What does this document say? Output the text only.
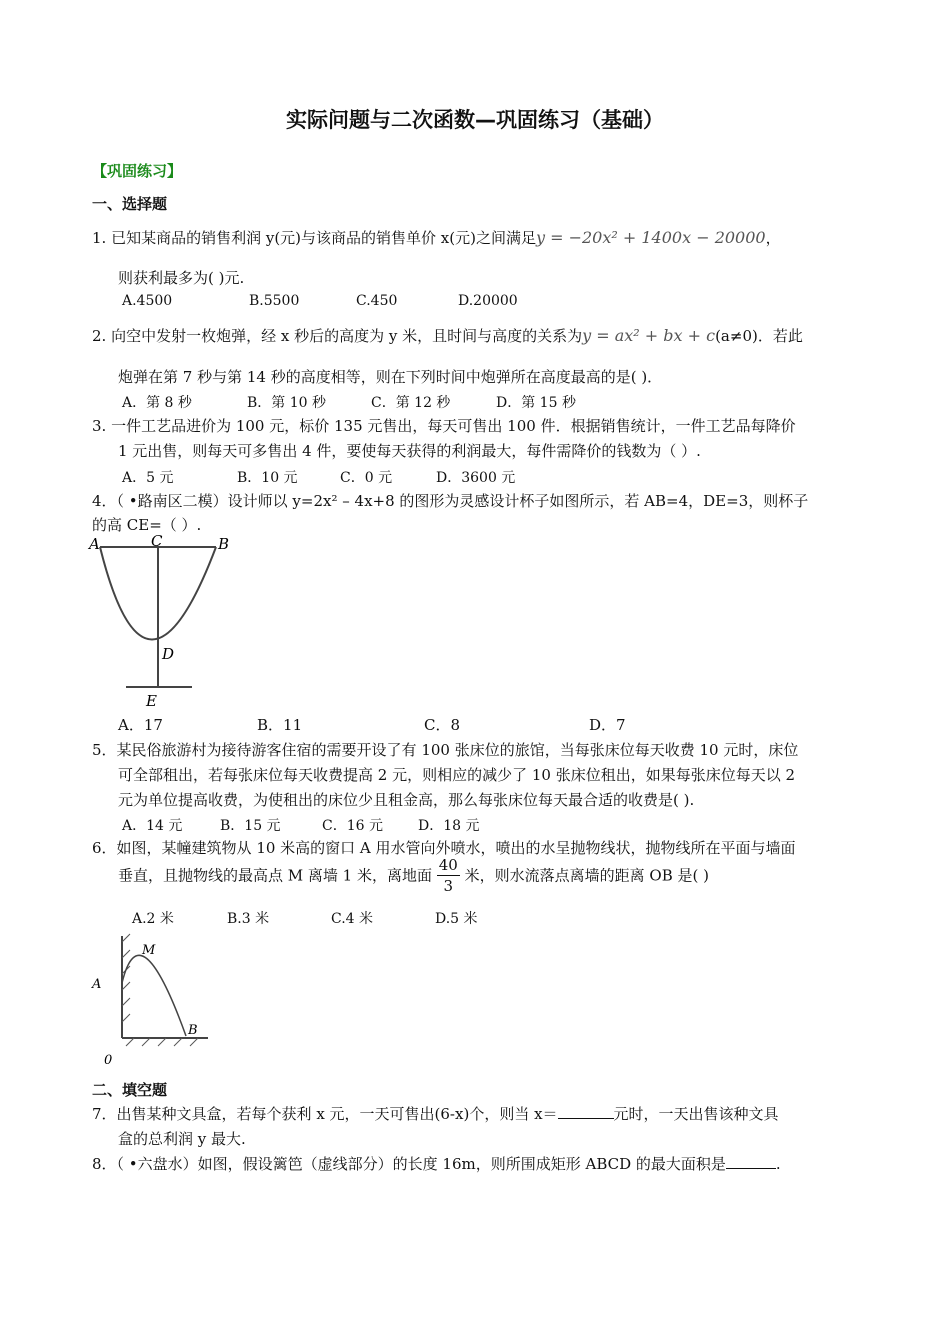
实际问题与二次函数—巩固练习（基础）
【巩固练习】
一、选择题
1. 已知某商品的销售利润 y(元)与该商品的销售单价 x(元)之间满足y = −20x² + 1400x − 20000，
则获利最多为( )元.
A.4500	B.5500	C.450	D.20000
2. 向空中发射一枚炮弹，经 x 秒后的高度为 y 米，且时间与高度的关系为y = ax² + bx + c(a≠0)．若此
炮弹在第 7 秒与第 14 秒的高度相等，则在下列时间中炮弹所在高度最高的是( )．
A．第 8 秒	B．第 10 秒	C．第 12 秒	D．第 15 秒
3. 一件工艺品进价为 100 元，标价 135 元售出，每天可售出 100 件．根据销售统计，一件工艺品每降价
1 元出售，则每天可多售出 4 件，要使每天获得的利润最大，每件需降价的钱数为（ ）.
A．5 元	B．10 元	C．0 元	D．3600 元
4．（ •路南区二模）设计师以 y=2x² – 4x+8 的图形为灵感设计杯子如图所示，若 AB=4，DE=3，则杯子
的高 CE=（ ）.
A	C	B
D
E
A．17	B．11	C．8	D．7
5．某民俗旅游村为接待游客住宿的需要开设了有 100 张床位的旅馆，当每张床位每天收费 10 元时，床位
可全部租出，若每张床位每天收费提高 2 元，则相应的减少了 10 张床位租出，如果每张床位每天以 2
元为单位提高收费，为使租出的床位少且租金高，那么每张床位每天最合适的收费是( ).
A．14 元	B．15 元	C．16 元	D．18 元
6．如图，某幢建筑物从 10 米高的窗口 A 用水管向外喷水，喷出的水呈抛物线状，抛物线所在平面与墙面
垂直，且抛物线的最高点 M 离墙 1 米，离地面 $\frac{40}{3}$ 米，则水流落点离墙的距离 OB 是( )
A.2 米	B.3 米	C.4 米	D.5 米
M
A
B
0
二、填空题
7．出售某种文具盒，若每个获利 x 元，一天可售出(6-x)个，则当 x＝	元时，一天出售该种文具
盒的总利润 y 最大.
8．（ •六盘水）如图，假设篱笆（虚线部分）的长度 16m，则所围成矩形 ABCD 的最大面积是	.
